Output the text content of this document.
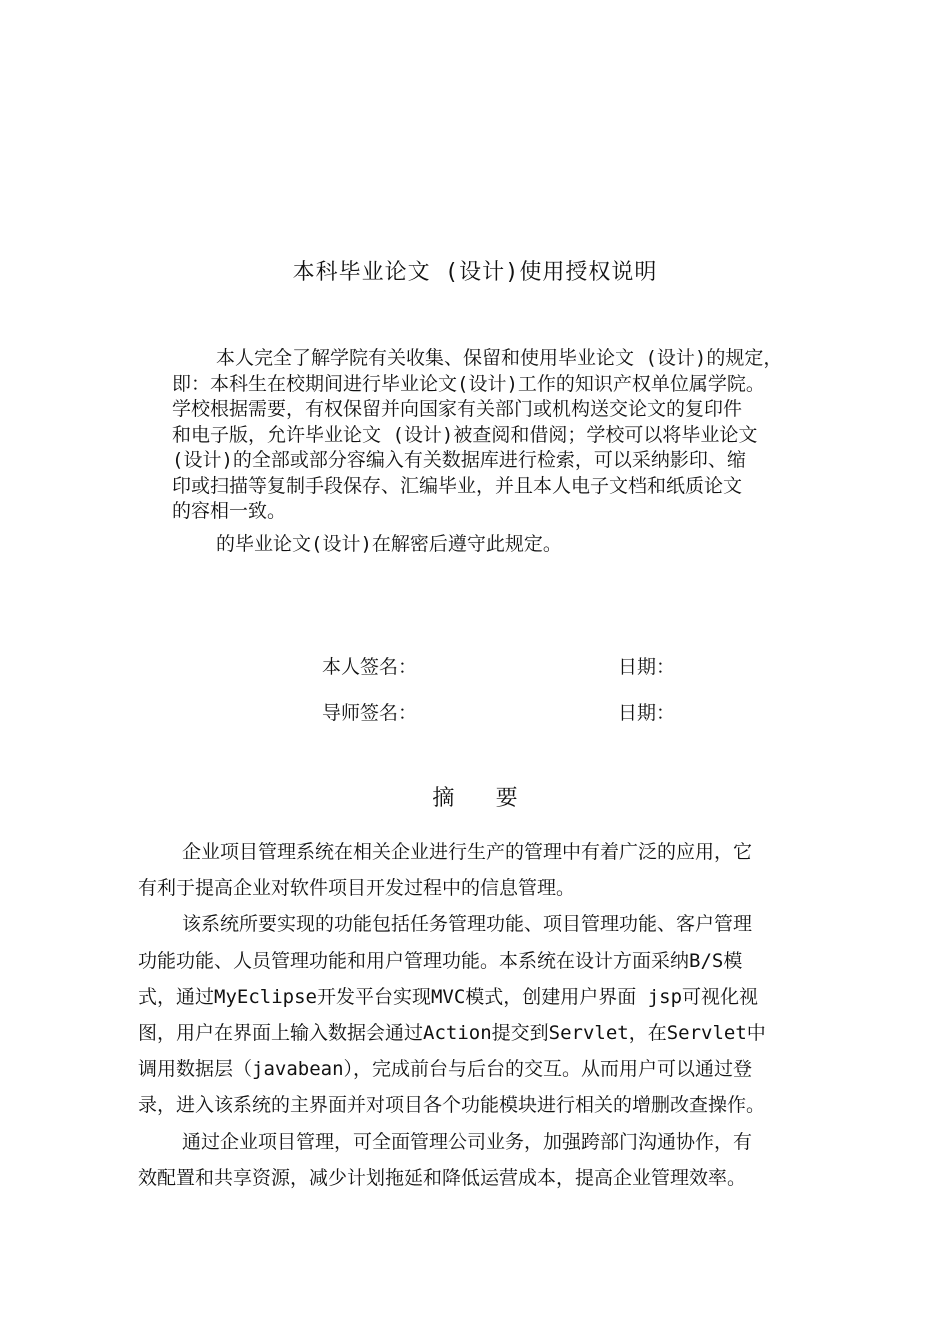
本科毕业论文 (设计)使用授权说明
本人完全了解学院有关收集、保留和使用毕业论文 (设计)的规定，
即：本科生在校期间进行毕业论文(设计)工作的知识产权单位属学院。
学校根据需要，有权保留并向国家有关部门或机构送交论文的复印件
和电子版，允许毕业论文 (设计)被查阅和借阅；学校可以将毕业论文
(设计)的全部或部分容编入有关数据库进行检索，可以采纳影印、缩
印或扫描等复制手段保存、汇编毕业，并且本人电子文档和纸质论文
的容相一致。
的毕业论文(设计)在解密后遵守此规定。
本人签名：	日期：
导师签名：	日期：
摘 要
企业项目管理系统在相关企业进行生产的管理中有着广泛的应用，它
有利于提高企业对软件项目开发过程中的信息管理。
该系统所要实现的功能包括任务管理功能、项目管理功能、客户管理
功能功能、人员管理功能和用户管理功能。本系统在设计方面采纳B/S模
式，通过MyEclipse开发平台实现MVC模式，创建用户界面 jsp可视化视
图，用户在界面上输入数据会通过Action提交到Servlet，在Servlet中
调用数据层（javabean），完成前台与后台的交互。从而用户可以通过登
录，进入该系统的主界面并对项目各个功能模块进行相关的增删改查操作。
通过企业项目管理，可全面管理公司业务，加强跨部门沟通协作，有
效配置和共享资源，减少计划拖延和降低运营成本，提高企业管理效率。
